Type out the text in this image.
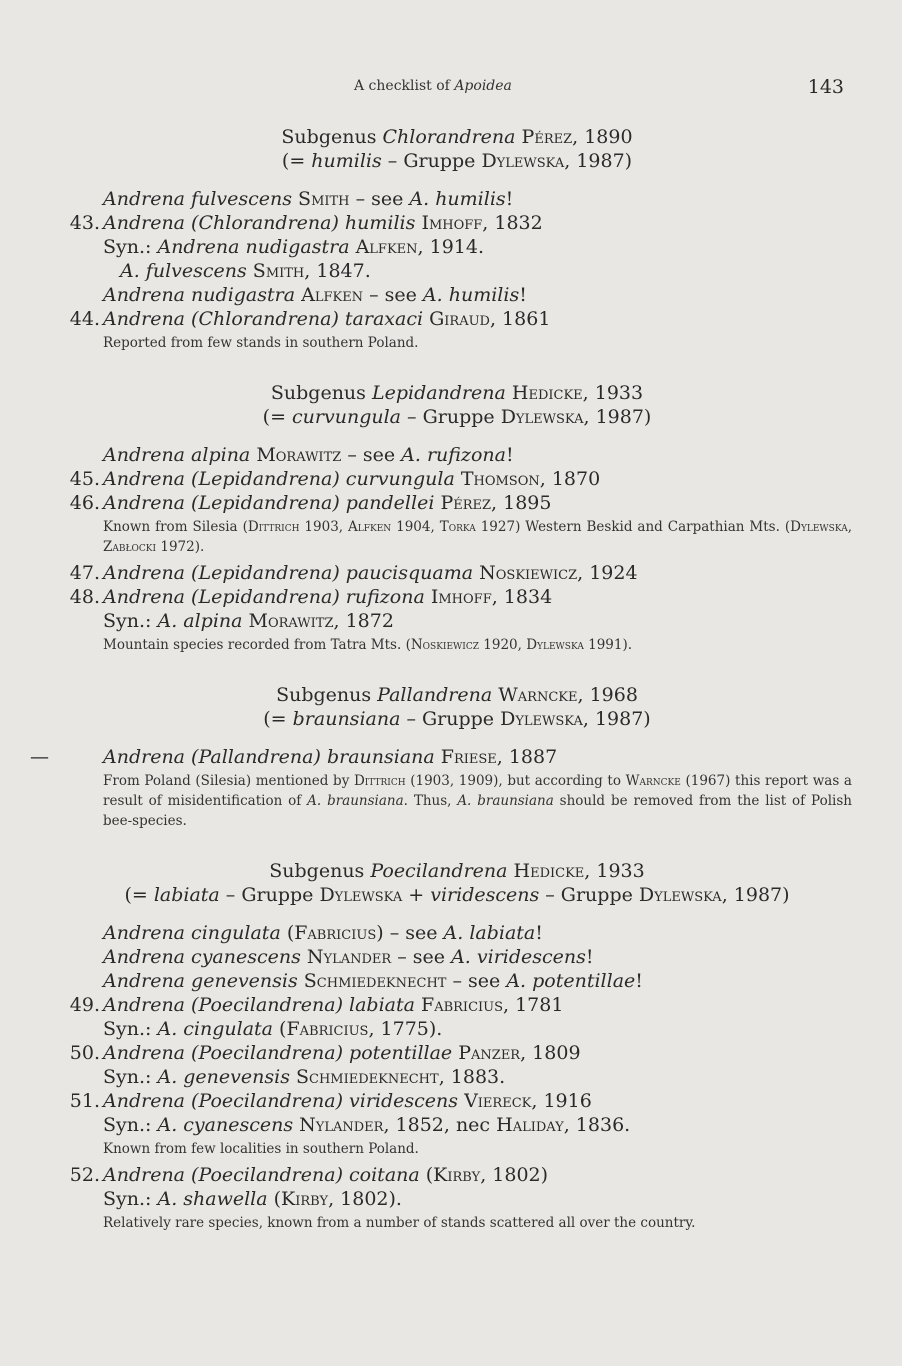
A checklist of Apoidea	143
Subgenus Chlorandrena Pérez, 1890
(= humilis – Gruppe Dylewska, 1987)
Andrena fulvescens Smith – see A. humilis!
43. Andrena (Chlorandrena) humilis Imhoff, 1832
Syn.: Andrena nudigastra Alfken, 1914.
A. fulvescens Smith, 1847.
Andrena nudigastra Alfken – see A. humilis!
44. Andrena (Chlorandrena) taraxaci Giraud, 1861
Reported from few stands in southern Poland.
Subgenus Lepidandrena Hedicke, 1933
(= curvungula – Gruppe Dylewska, 1987)
Andrena alpina Morawitz – see A. rufizona!
45. Andrena (Lepidandrena) curvungula Thomson, 1870
46. Andrena (Lepidandrena) pandellei Pérez, 1895
Known from Silesia (Dittrich 1903, Alfken 1904, Torka 1927) Western Beskid and Carpathian Mts. (Dylewska, Zabłocki 1972).
47. Andrena (Lepidandrena) paucisquama Noskiewicz, 1924
48. Andrena (Lepidandrena) rufizona Imhoff, 1834
Syn.: A. alpina Morawitz, 1872
Mountain species recorded from Tatra Mts. (Noskiewicz 1920, Dylewska 1991).
Subgenus Pallandrena Warncke, 1968
(= braunsiana – Gruppe Dylewska, 1987)
—	Andrena (Pallandrena) braunsiana Friese, 1887
From Poland (Silesia) mentioned by Dittrich (1903, 1909), but according to Warncke (1967) this report was a result of misidentification of A. braunsiana. Thus, A. braunsiana should be removed from the list of Polish bee-species.
Subgenus Poecilandrena Hedicke, 1933
(= labiata – Gruppe Dylewska + viridescens – Gruppe Dylewska, 1987)
Andrena cingulata (Fabricius) – see A. labiata!
Andrena cyanescens Nylander – see A. viridescens!
Andrena genevensis Schmiedeknecht – see A. potentillae!
49. Andrena (Poecilandrena) labiata Fabricius, 1781
Syn.: A. cingulata (Fabricius, 1775).
50. Andrena (Poecilandrena) potentillae Panzer, 1809
Syn.: A. genevensis Schmiedeknecht, 1883.
51. Andrena (Poecilandrena) viridescens Viereck, 1916
Syn.: A. cyanescens Nylander, 1852, nec Haliday, 1836.
Known from few localities in southern Poland.
52. Andrena (Poecilandrena) coitana (Kirby, 1802)
Syn.: A. shawella (Kirby, 1802).
Relatively rare species, known from a number of stands scattered all over the country.
